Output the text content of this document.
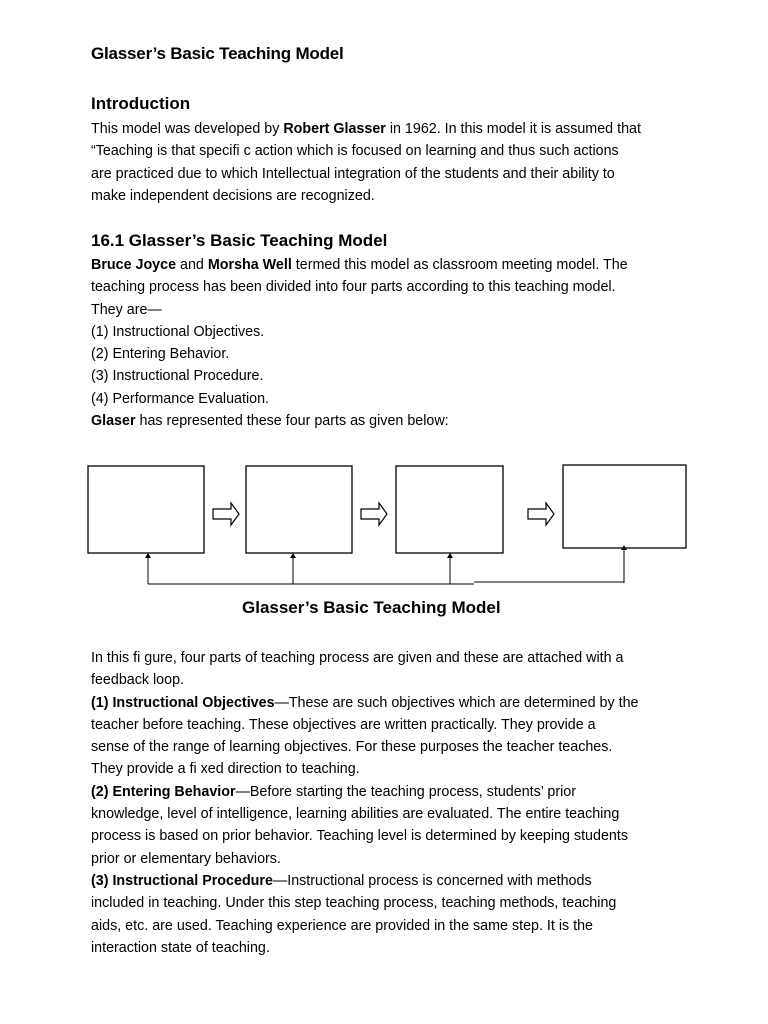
Glasser’s Basic Teaching Model
Introduction
This model was developed by Robert Glasser in 1962. In this model it is assumed that
“Teaching is that specifi c action which is focused on learning and thus such actions
are practiced due to which Intellectual integration of the students and their ability to
make independent decisions are recognized.
16.1 Glasser’s Basic Teaching Model
Bruce Joyce and Morsha Well termed this model as classroom meeting model. The
teaching process has been divided into four parts according to this teaching model.
They are—
(1) Instructional Objectives.
(2) Entering Behavior.
(3) Instructional Procedure.
(4) Performance Evaluation.
Glaser has represented these four parts as given below:
In this fi gure, four parts of teaching process are given and these are attached with a
feedback loop.
(1) Instructional Objectives—These are such objectives which are determined by the
teacher before teaching. These objectives are written practically. They provide a
sense of the range of learning objectives. For these purposes the teacher teaches.
They provide a fi xed direction to teaching.
(2) Entering Behavior—Before starting the teaching process, students’ prior
knowledge, level of intelligence, learning abilities are evaluated. The entire teaching
process is based on prior behavior. Teaching level is determined by keeping students
prior or elementary behaviors.
(3) Instructional Procedure—Instructional process is concerned with methods
included in teaching. Under this step teaching process, teaching methods, teaching
aids, etc. are used. Teaching experience are provided in the same step. It is the
interaction state of teaching.
Glasser’s Basic Teaching Model
